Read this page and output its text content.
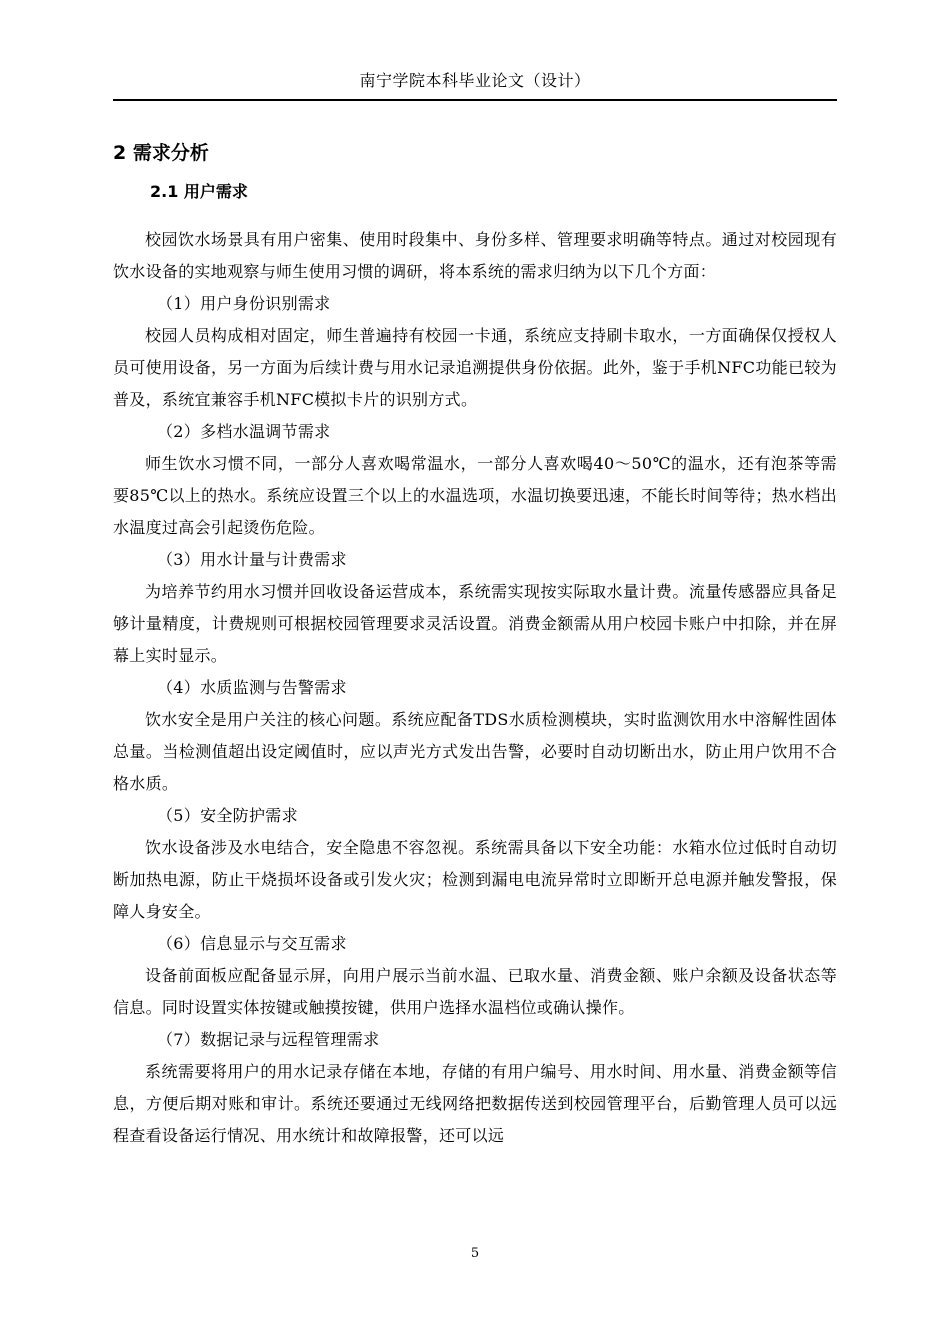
南宁学院本科毕业论文（设计）
2 需求分析
2.1 用户需求

校园饮水场景具有用户密集、使用时段集中、身份多样、管理要求明确等特点。通过对校园现有饮水设备的实地观察与师生使用习惯的调研，将本系统的需求归纳为以下几个方面：

（1）用户身份识别需求

校园人员构成相对固定，师生普遍持有校园一卡通，系统应支持刷卡取水，一方面确保仅授权人员可使用设备，另一方面为后续计费与用水记录追溯提供身份依据。此外，鉴于手机NFC功能已较为普及，系统宜兼容手机NFC模拟卡片的识别方式。

（2）多档水温调节需求

师生饮水习惯不同，一部分人喜欢喝常温水，一部分人喜欢喝40～50℃的温水，还有泡茶等需要85℃以上的热水。系统应设置三个以上的水温选项，水温切换要迅速，不能长时间等待；热水档出水温度过高会引起烫伤危险。

（3）用水计量与计费需求

为培养节约用水习惯并回收设备运营成本，系统需实现按实际取水量计费。流量传感器应具备足够计量精度，计费规则可根据校园管理要求灵活设置。消费金额需从用户校园卡账户中扣除，并在屏幕上实时显示。

（4）水质监测与告警需求

饮水安全是用户关注的核心问题。系统应配备TDS水质检测模块，实时监测饮用水中溶解性固体总量。当检测值超出设定阈值时，应以声光方式发出告警，必要时自动切断出水，防止用户饮用不合格水质。

（5）安全防护需求

饮水设备涉及水电结合，安全隐患不容忽视。系统需具备以下安全功能：水箱水位过低时自动切断加热电源，防止干烧损坏设备或引发火灾；检测到漏电电流异常时立即断开总电源并触发警报，保障人身安全。

（6）信息显示与交互需求

设备前面板应配备显示屏，向用户展示当前水温、已取水量、消费金额、账户余额及设备状态等信息。同时设置实体按键或触摸按键，供用户选择水温档位或确认操作。

（7）数据记录与远程管理需求

系统需要将用户的用水记录存储在本地，存储的有用户编号、用水时间、用水量、消费金额等信息，方便后期对账和审计。系统还要通过无线网络把数据传送到校园管理平台，后勤管理人员可以远程查看设备运行情况、用水统计和故障报警，还可以远

5
